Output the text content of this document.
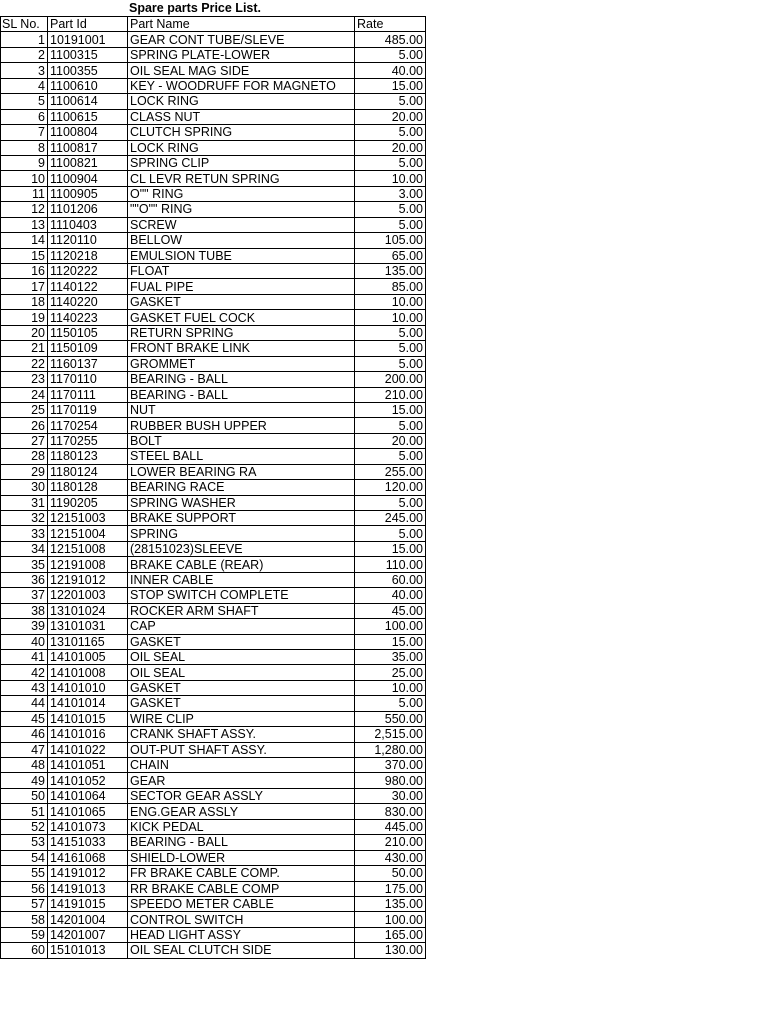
Spare parts Price List.
SL No.	Part Id	Part Name	Rate
1	10191001	GEAR CONT TUBE/SLEVE	485.00
2	1100315	SPRING PLATE-LOWER	5.00
3	1100355	OIL SEAL MAG SIDE	40.00
4	1100610	KEY - WOODRUFF FOR MAGNETO	15.00
5	1100614	LOCK RING	5.00
6	1100615	CLASS NUT	20.00
7	1100804	CLUTCH SPRING	5.00
8	1100817	LOCK RING	20.00
9	1100821	SPRING CLIP	5.00
10	1100904	CL LEVR RETUN SPRING	10.00
11	1100905	O"" RING	3.00
12	1101206	""O"" RING	5.00
13	1110403	SCREW	5.00
14	1120110	BELLOW	105.00
15	1120218	EMULSION TUBE	65.00
16	1120222	FLOAT	135.00
17	1140122	FUAL PIPE	85.00
18	1140220	GASKET	10.00
19	1140223	GASKET FUEL COCK	10.00
20	1150105	RETURN SPRING	5.00
21	1150109	FRONT BRAKE LINK	5.00
22	1160137	GROMMET	5.00
23	1170110	BEARING - BALL	200.00
24	1170111	BEARING - BALL	210.00
25	1170119	NUT	15.00
26	1170254	RUBBER BUSH UPPER	5.00
27	1170255	BOLT	20.00
28	1180123	STEEL BALL	5.00
29	1180124	LOWER BEARING RA	255.00
30	1180128	BEARING RACE	120.00
31	1190205	SPRING WASHER	5.00
32	12151003	BRAKE SUPPORT	245.00
33	12151004	SPRING	5.00
34	12151008	(28151023)SLEEVE	15.00
35	12191008	BRAKE CABLE (REAR)	110.00
36	12191012	INNER CABLE	60.00
37	12201003	STOP SWITCH COMPLETE	40.00
38	13101024	ROCKER ARM SHAFT	45.00
39	13101031	CAP	100.00
40	13101165	GASKET	15.00
41	14101005	OIL SEAL	35.00
42	14101008	OIL SEAL	25.00
43	14101010	GASKET	10.00
44	14101014	GASKET	5.00
45	14101015	WIRE CLIP	550.00
46	14101016	CRANK SHAFT ASSY.	2,515.00
47	14101022	OUT-PUT SHAFT ASSY.	1,280.00
48	14101051	CHAIN	370.00
49	14101052	GEAR	980.00
50	14101064	SECTOR GEAR ASSLY	30.00
51	14101065	ENG.GEAR ASSLY	830.00
52	14101073	KICK PEDAL	445.00
53	14151033	BEARING - BALL	210.00
54	14161068	SHIELD-LOWER	430.00
55	14191012	FR BRAKE CABLE COMP.	50.00
56	14191013	RR BRAKE CABLE COMP	175.00
57	14191015	SPEEDO METER CABLE	135.00
58	14201004	CONTROL SWITCH	100.00
59	14201007	HEAD LIGHT ASSY	165.00
60	15101013	OIL SEAL CLUTCH SIDE	130.00
